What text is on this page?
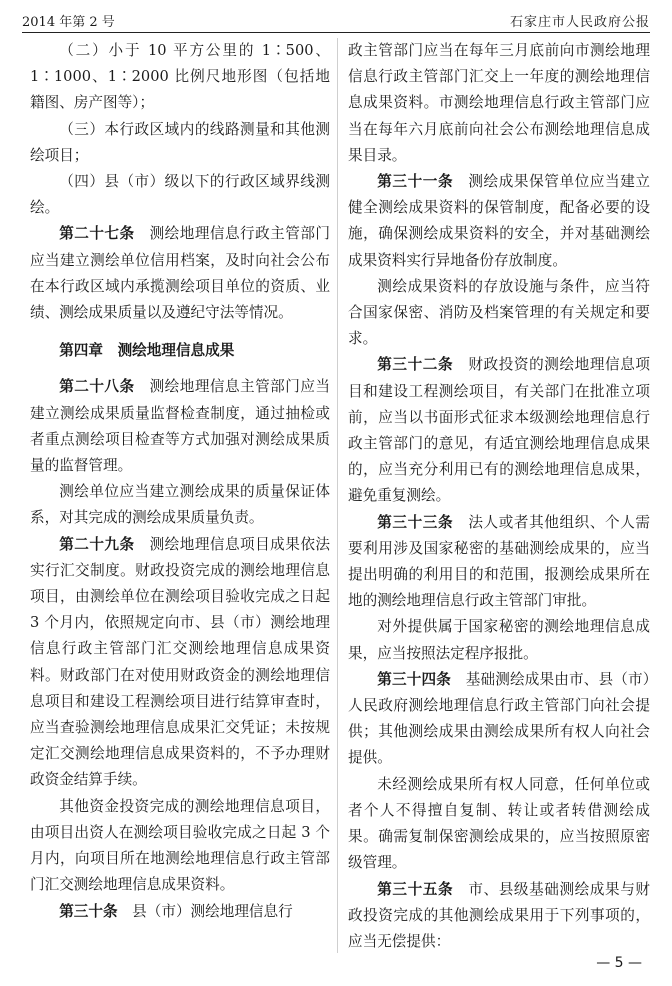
2014 年第 2 号	石家庄市人民政府公报

（二）小于 10 平方公里的 1∶500、1∶1000、1∶2000 比例尺地形图（包括地籍图、房产图等）；

（三）本行政区域内的线路测量和其他测绘项目；

（四）县（市）级以下的行政区域界线测绘。

第二十七条　测绘地理信息行政主管部门应当建立测绘单位信用档案，及时向社会公布在本行政区域内承揽测绘项目单位的资质、业绩、测绘成果质量以及遵纪守法等情况。

第四章　测绘地理信息成果

第二十八条　测绘地理信息主管部门应当建立测绘成果质量监督检查制度，通过抽检或者重点测绘项目检查等方式加强对测绘成果质量的监督管理。

测绘单位应当建立测绘成果的质量保证体系，对其完成的测绘成果质量负责。

第二十九条　测绘地理信息项目成果依法实行汇交制度。财政投资完成的测绘地理信息项目，由测绘单位在测绘项目验收完成之日起 3 个月内，依照规定向市、县（市）测绘地理信息行政主管部门汇交测绘地理信息成果资料。财政部门在对使用财政资金的测绘地理信息项目和建设工程测绘项目进行结算审查时，应当查验测绘地理信息成果汇交凭证；未按规定汇交测绘地理信息成果资料的，不予办理财政资金结算手续。

其他资金投资完成的测绘地理信息项目，由项目出资人在测绘项目验收完成之日起 3 个月内，向项目所在地测绘地理信息行政主管部门汇交测绘地理信息成果资料。

第三十条　县（市）测绘地理信息行

政主管部门应当在每年三月底前向市测绘地理信息行政主管部门汇交上一年度的测绘地理信息成果资料。市测绘地理信息行政主管部门应当在每年六月底前向社会公布测绘地理信息成果目录。

第三十一条　测绘成果保管单位应当建立健全测绘成果资料的保管制度，配备必要的设施，确保测绘成果资料的安全，并对基础测绘成果资料实行异地备份存放制度。

测绘成果资料的存放设施与条件，应当符合国家保密、消防及档案管理的有关规定和要求。

第三十二条　财政投资的测绘地理信息项目和建设工程测绘项目，有关部门在批准立项前，应当以书面形式征求本级测绘地理信息行政主管部门的意见，有适宜测绘地理信息成果的，应当充分利用已有的测绘地理信息成果，避免重复测绘。

第三十三条　法人或者其他组织、个人需要利用涉及国家秘密的基础测绘成果的，应当提出明确的利用目的和范围，报测绘成果所在地的测绘地理信息行政主管部门审批。

对外提供属于国家秘密的测绘地理信息成果，应当按照法定程序报批。

第三十四条　基础测绘成果由市、县（市）人民政府测绘地理信息行政主管部门向社会提供；其他测绘成果由测绘成果所有权人向社会提供。

未经测绘成果所有权人同意，任何单位或者个人不得擅自复制、转让或者转借测绘成果。确需复制保密测绘成果的，应当按照原密级管理。

第三十五条　市、县级基础测绘成果与财政投资完成的其他测绘成果用于下列事项的，应当无偿提供：

— 5 —
